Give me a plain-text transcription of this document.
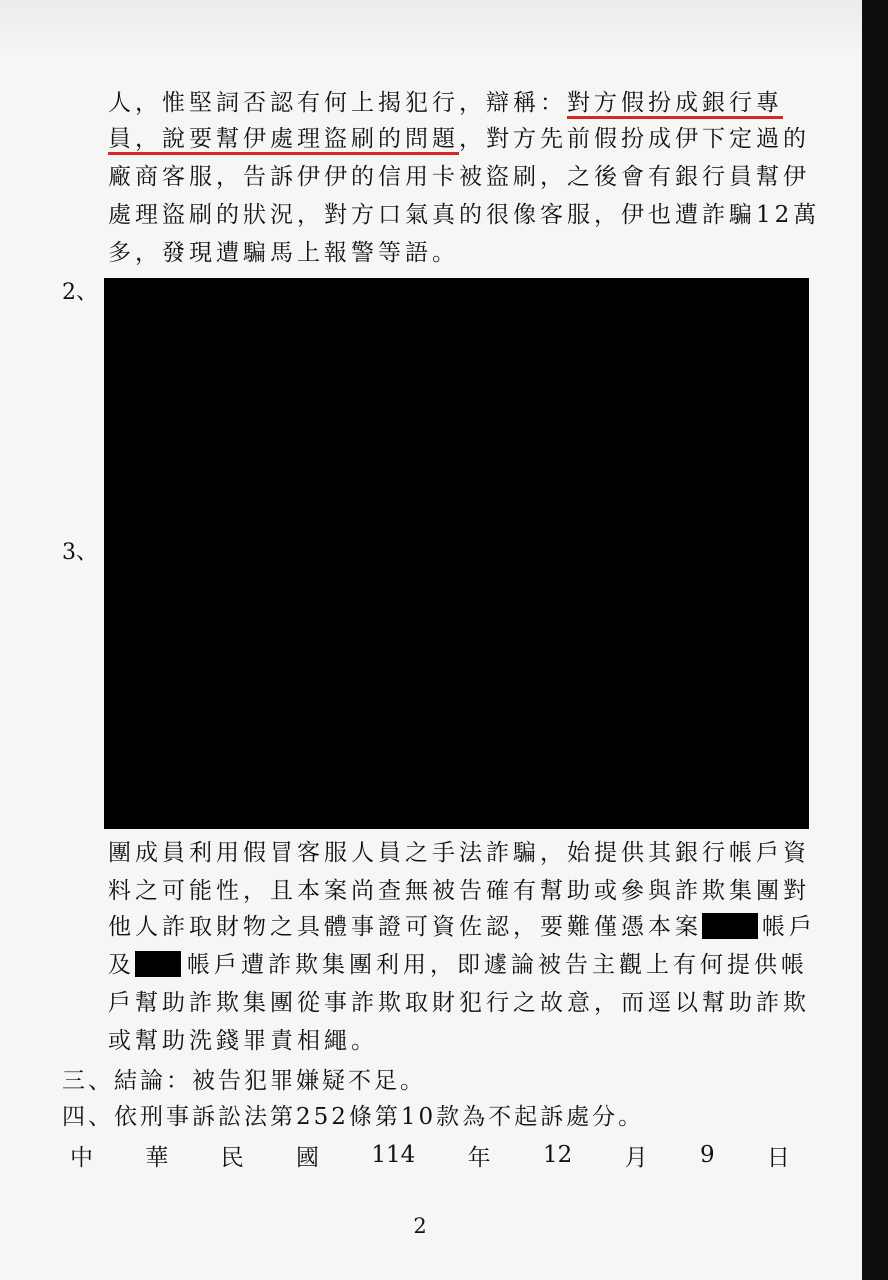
人，惟堅詞否認有何上揭犯行，辯稱：對方假扮成銀行專
員，說要幫伊處理盜刷的問題，對方先前假扮成伊下定過的
廠商客服，告訴伊伊的信用卡被盜刷，之後會有銀行員幫伊
處理盜刷的狀況，對方口氣真的很像客服，伊也遭詐騙12萬
多，發現遭騙馬上報警等語。
2、
3、
團成員利用假冒客服人員之手法詐騙，始提供其銀行帳戶資
料之可能性，且本案尚查無被告確有幫助或參與詐欺集團對
他人詐取財物之具體事證可資佐認，要難僅憑本案	帳戶
及 帳戶遭詐欺集團利用，即遽論被告主觀上有何提供帳
戶幫助詐欺集團從事詐欺取財犯行之故意，而逕以幫助詐欺
或幫助洗錢罪責相繩。
三、結論：被告犯罪嫌疑不足。
四、依刑事訴訟法第252條第10款為不起訴處分。
中 華 民 國 114 年 12 月 9 日
2
